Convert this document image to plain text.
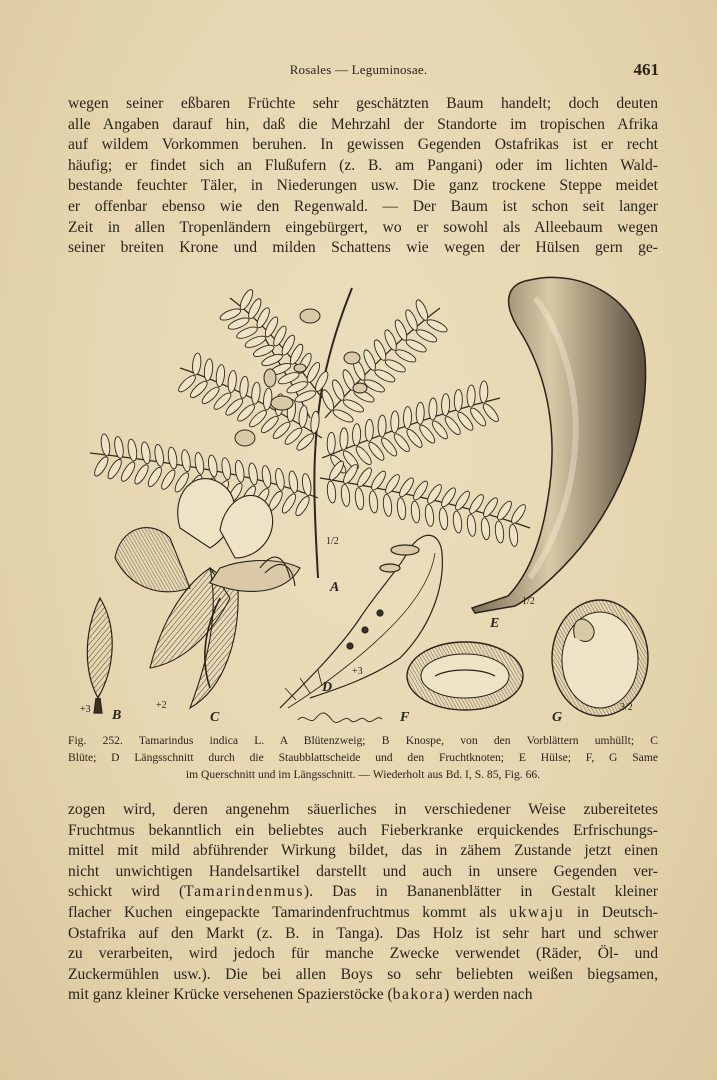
Rosales — Leguminosae.	461
wegen seiner eßbaren Früchte sehr geschätzten Baum handelt; doch deuten
alle Angaben darauf hin, daß die Mehrzahl der Standorte im tropischen Afrika
auf wildem Vorkommen beruhen. In gewissen Gegenden Ostafrikas ist er recht
häufig; er findet sich an Flußufern (z. B. am Pangani) oder im lichten Wald-
bestande feuchter Täler, in Niederungen usw. Die ganz trockene Steppe meidet
er offenbar ebenso wie den Regenwald. — Der Baum ist schon seit langer
Zeit in allen Tropenländern eingebürgert, wo er sowohl als Alleebaum wegen
seiner breiten Krone und milden Schattens wie wegen der Hülsen gern ge-
A
1/2
B
+3
C
+2
D
+3
E
1/2
F	G
3/2
Fig. 252. Tamarindus indica L. A Blütenzweig; B Knospe, von den Vorblättern umhüllt; C
Blüte; D Längsschnitt durch die Staubblattscheide und den Fruchtknoten; E Hülse; F, G Same
im Querschnitt und im Längsschnitt. — Wiederholt aus Bd. I, S. 85, Fig. 66.
zogen wird, deren angenehm säuerliches in verschiedener Weise zubereitetes
Fruchtmus bekanntlich ein beliebtes auch Fieberkranke erquickendes Erfrischungs-
mittel mit mild abführender Wirkung bildet, das in zähem Zustande jetzt einen
nicht unwichtigen Handelsartikel darstellt und auch in unsere Gegenden ver-
schickt wird (Tamarindenmus). Das in Bananenblätter in Gestalt kleiner
flacher Kuchen eingepackte Tamarindenfruchtmus kommt als ukwaju in Deutsch-
Ostafrika auf den Markt (z. B. in Tanga). Das Holz ist sehr hart und schwer
zu verarbeiten, wird jedoch für manche Zwecke verwendet (Räder, Öl- und
Zuckermühlen usw.). Die bei allen Boys so sehr beliebten weißen biegsamen,
mit ganz kleiner Krücke versehenen Spazierstöcke (bakora) werden nach
